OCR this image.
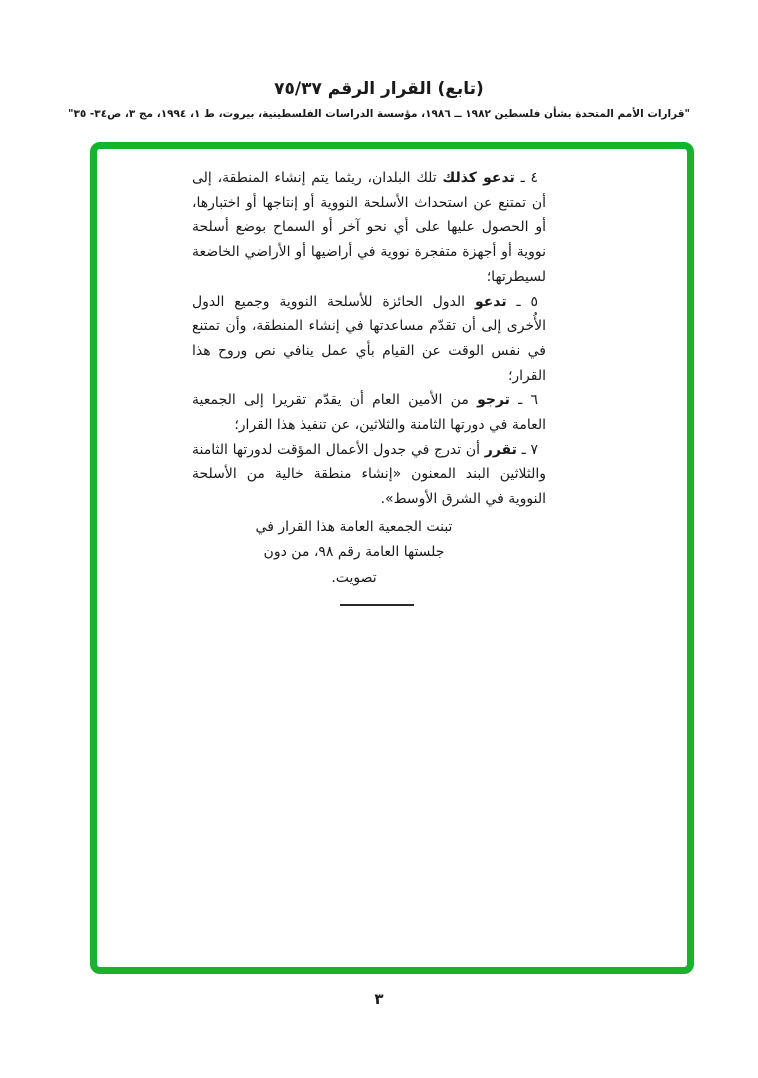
(تابع) القرار الرقم ٧٥/٣٧
"قرارات الأمم المتحدة بشأن فلسطين ١٩٨٢ ــ ١٩٨٦، مؤسسة الدراسات الفلسطينية، بيروت، ط ١، ١٩٩٤، مج ٣، ص٣٤- ٣٥"

٤ ـ تدعو كذلك تلك البلدان، ريثما يتم إنشاء المنطقة، إلى أن تمتنع عن استحداث الأسلحة النووية أو إنتاجها أو اختبارها، أو الحصول عليها على أي نحو آخر أو السماح بوضع أسلحة نووية أو أجهزة متفجرة نووية في أراضيها أو الأراضي الخاضعة لسيطرتها؛

٥ ـ تدعو الدول الحائزة للأسلحة النووية وجميع الدول الأُخرى إلى أن تقدّم مساعدتها في إنشاء المنطقة، وأن تمتنع في نفس الوقت عن القيام بأي عمل ينافي نص وروح هذا القرار؛

٦ ـ ترجو من الأمين العام أن يقدّم تقريرا إلى الجمعية العامة في دورتها الثامنة والثلاثين، عن تنفيذ هذا القرار؛

٧ ـ تقرر أن تدرج في جدول الأعمال المؤقت لدورتها الثامنة والثلاثين البند المعنون «إنشاء منطقة خالية من الأسلحة النووية في الشرق الأوسط».

تبنت الجمعية العامة هذا القرار في جلستها العامة رقم ٩٨، من دون تصويت.
٣
